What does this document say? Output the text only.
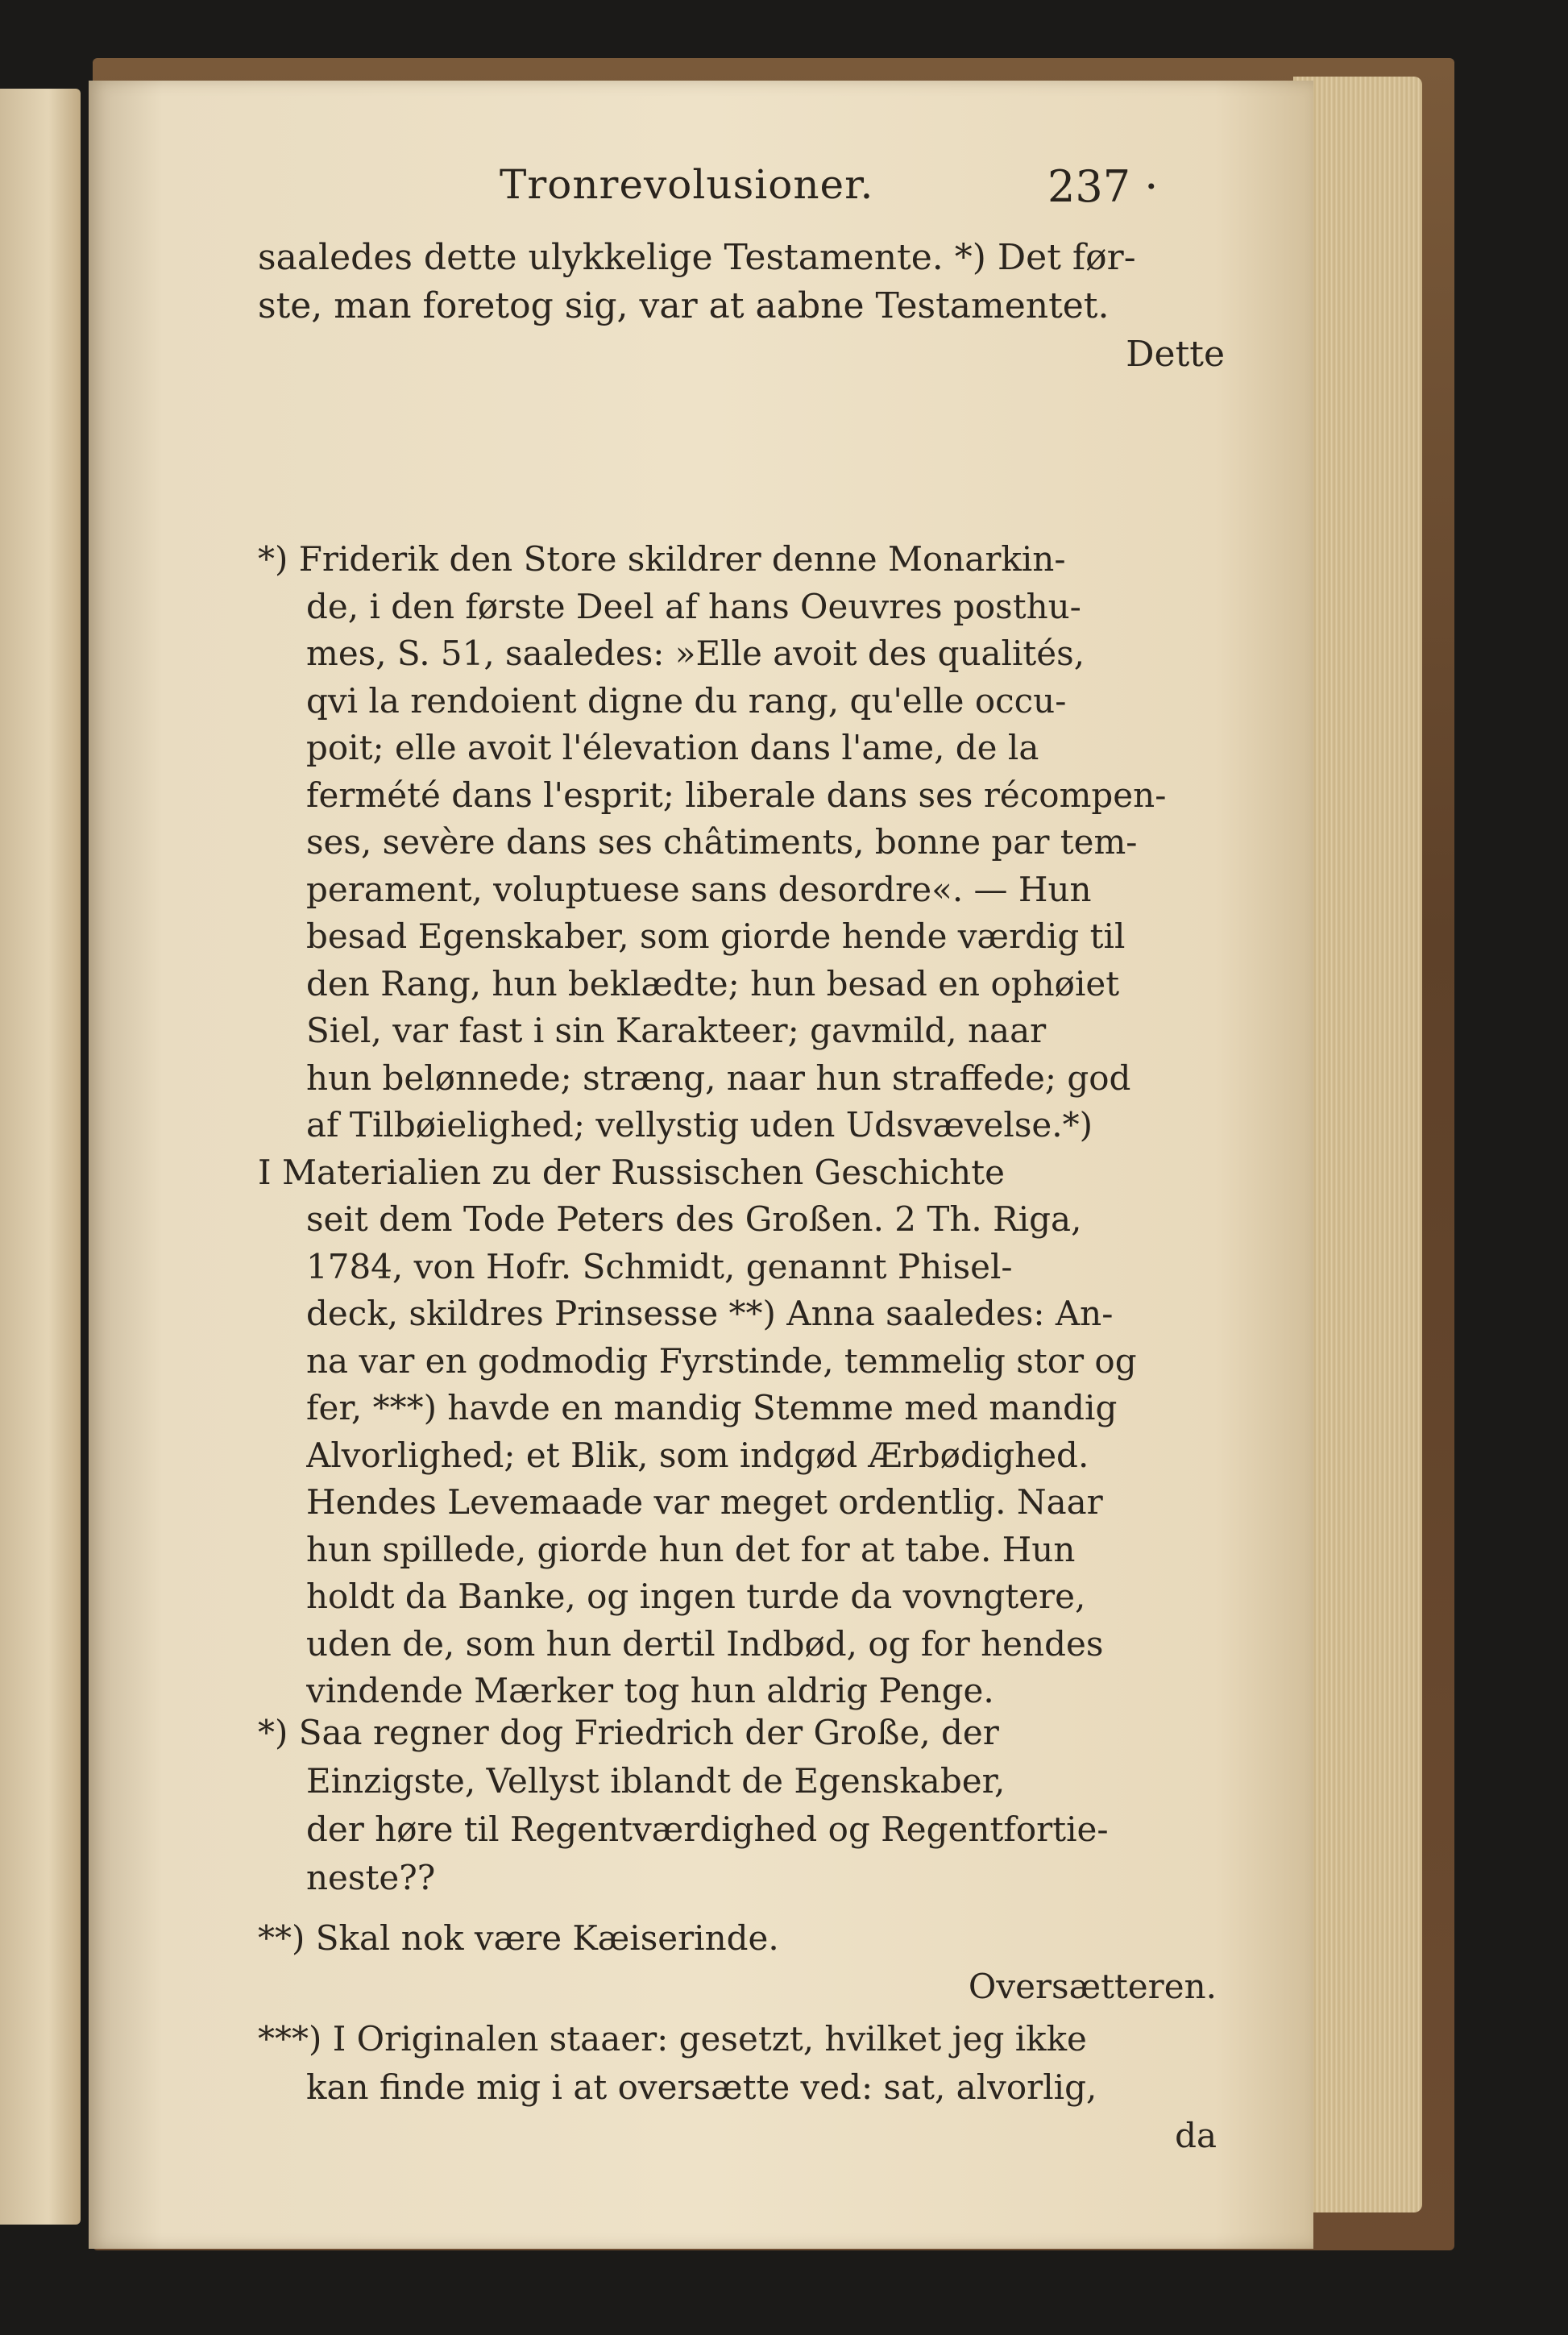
Tronrevolusioner.	237 ·
saaledes dette ulykkelige Testamente. *) Det før-
ste, man foretog sig, var at aabne Testamentet.
Dette
*) Friderik den Store skildrer denne Monarkin-
de, i den første Deel af hans Oeuvres posthu-
mes, S. 51, saaledes: »Elle avoit des qualités,
qvi la rendoient digne du rang, qu'elle occu-
poit; elle avoit l'élevation dans l'ame, de la
fermété dans l'esprit; liberale dans ses récompen-
ses, sevère dans ses châtiments, bonne par tem-
perament, voluptuese sans desordre«. — Hun
besad Egenskaber, som giorde hende værdig til
den Rang, hun beklædte; hun besad en ophøiet
Siel, var fast i sin Karakteer; gavmild, naar
hun belønnede; stræng, naar hun straffede; god
af Tilbøielighed; vellystig uden Udsvævelse.*)
I Materialien zu der Russischen Geschichte
seit dem Tode Peters des Großen. 2 Th. Riga,
1784, von Hofr. Schmidt, genannt Phisel-
deck, skildres Prinsesse **) Anna saaledes: An-
na var en godmodig Fyrstinde, temmelig stor og
fer, ***) havde en mandig Stemme med mandig
Alvorlighed; et Blik, som indgød Ærbødighed.
Hendes Levemaade var meget ordentlig. Naar
hun spillede, giorde hun det for at tabe. Hun
holdt da Banke, og ingen turde da vovngtere,
uden de, som hun dertil Indbød, og for hendes
vindende Mærker tog hun aldrig Penge.
*) Saa regner dog Friedrich der Große, der
Einzigste, Vellyst iblandt de Egenskaber,
der høre til Regentværdighed og Regentfortie-
neste??
**) Skal nok være Kæiserinde.
Oversætteren.
***) I Originalen staaer: gesetzt, hvilket jeg ikke
kan finde mig i at oversætte ved: sat, alvorlig,
da
